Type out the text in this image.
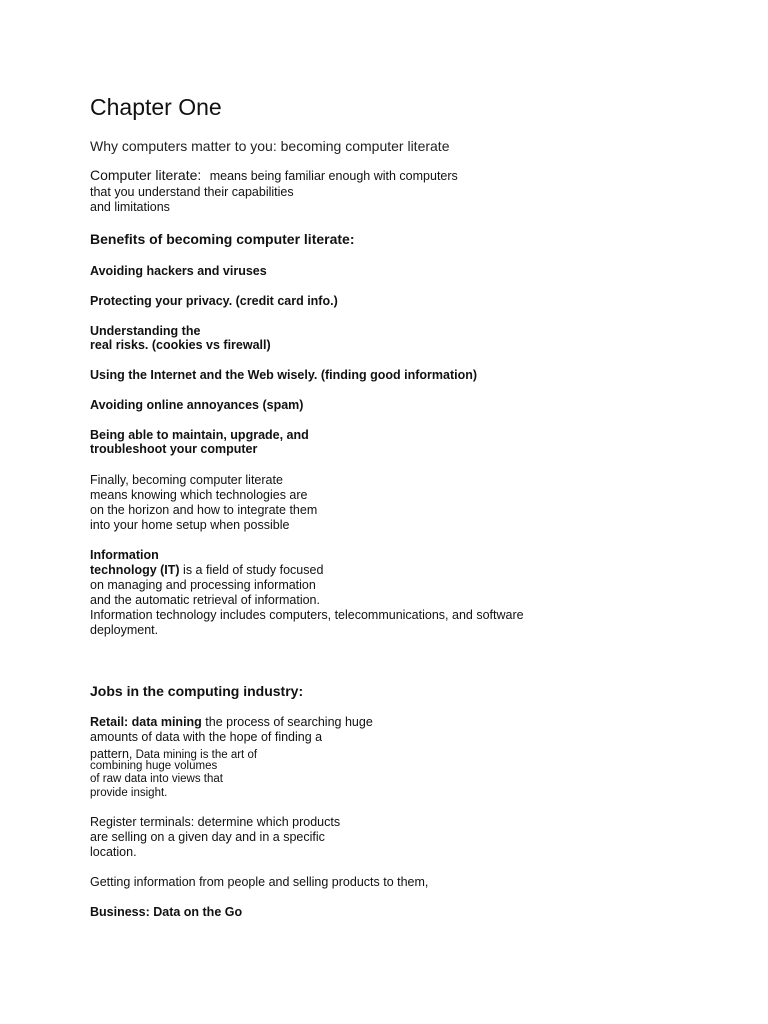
Chapter One
Why computers matter to you: becoming computer literate
Computer literate: means being familiar enough with computers
that you understand their capabilities
and limitations
Benefits of becoming computer literate:
Avoiding hackers and viruses
Protecting your privacy. (credit card info.)
Understanding the
real risks. (cookies vs firewall)
Using the Internet and the Web wisely. (finding good information)
Avoiding online annoyances (spam)
Being able to maintain, upgrade, and
troubleshoot your computer
Finally, becoming computer literate
means knowing which technologies are
on the horizon and how to integrate them
into your home setup when possible
Information
technology (IT) is a field of study focused
on managing and processing information
and the automatic retrieval of information.
Information technology includes computers, telecommunications, and software
deployment.
Jobs in the computing industry:
Retail: data mining the process of searching huge
amounts of data with the hope of finding a
pattern, Data mining is the art of
combining huge volumes
of raw data into views that
provide insight.
Register terminals: determine which products
are selling on a given day and in a specific
location.
Getting information from people and selling products to them,
Business: Data on the Go
